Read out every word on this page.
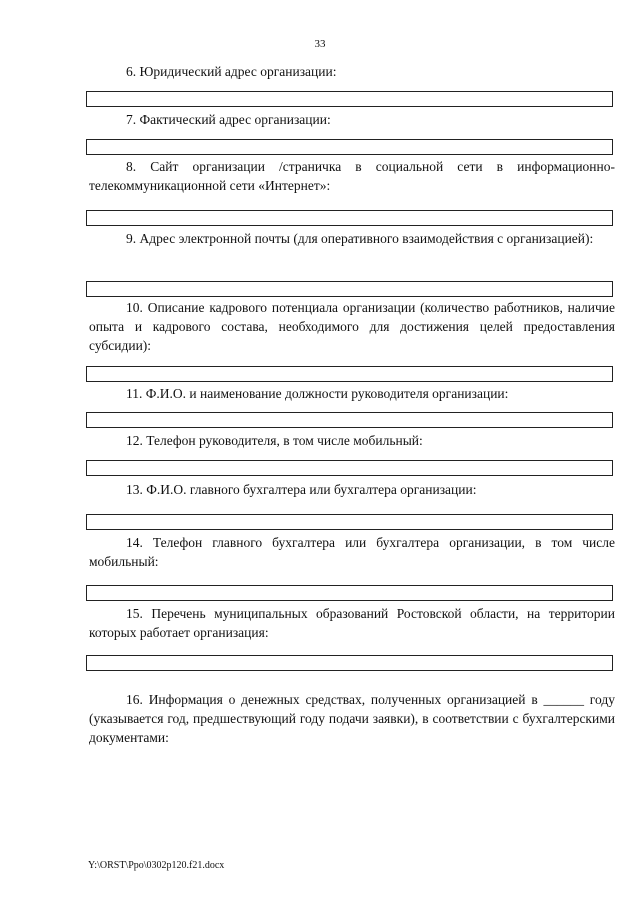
33

6. Юридический адрес организации:

7. Фактический адрес организации:

8. Сайт организации /страничка в социальной сети в информационно-телекоммуникационной сети «Интернет»:

9. Адрес электронной почты (для оперативного взаимодействия с организацией):

10. Описание кадрового потенциала организации (количество работников, наличие опыта и кадрового состава, необходимого для достижения целей предоставления субсидии):

11. Ф.И.О. и наименование должности руководителя организации:

12. Телефон руководителя, в том числе мобильный:

13. Ф.И.О. главного бухгалтера или бухгалтера организации:

14. Телефон главного бухгалтера или бухгалтера организации, в том числе мобильный:

15. Перечень муниципальных образований Ростовской области, на территории которых работает организация:

16. Информация о денежных средствах, полученных организацией в ______ году (указывается год, предшествующий году подачи заявки), в соответствии с бухгалтерскими документами:

Y:\ORST\Ppo\0302p120.f21.docx
